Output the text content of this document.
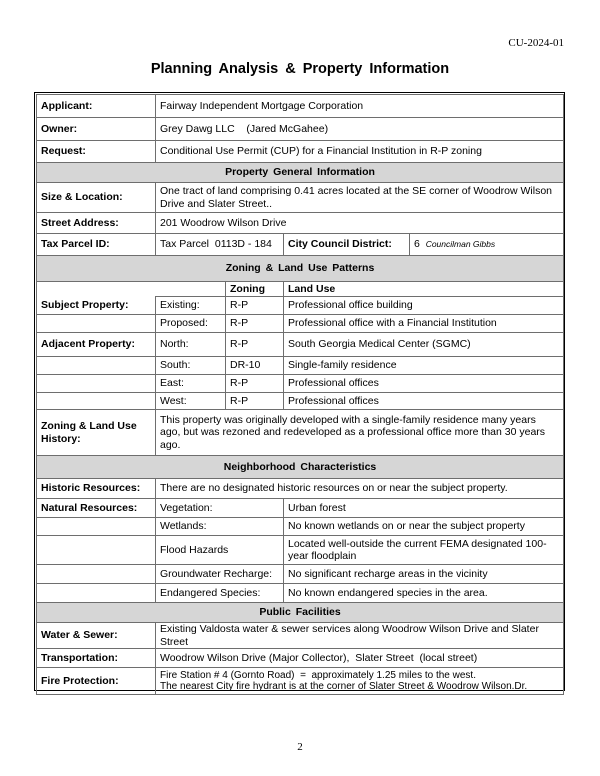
CU-2024-01
Planning Analysis & Property Information
Applicant:	Fairway Independent Mortgage Corporation			
Owner:	Grey Dawg LLC    (Jared McGahee)			
Request:	Conditional Use Permit (CUP) for a Financial Institution in R-P zoning			
Property General Information				
Size & Location:	One tract of land comprising 0.41 acres located at the SE corner of Woodrow Wilson Drive and Slater Street..			
Street Address:	201 Woodrow Wilson Drive			
Tax Parcel ID:	Tax Parcel  0113D - 184		City Council District:	6 Councilman Gibbs
Zoning & Land Use Patterns				
		Zoning	Land Use	
Subject Property:	Existing:	R-P	Professional office building	
	Proposed:	R-P	Professional office with a Financial Institution	
Adjacent Property:	North:	R-P	South Georgia Medical Center (SGMC)	
	South:	DR-10	Single-family residence	
	East:	R-P	Professional offices	
	West:	R-P	Professional offices	
Zoning & Land Use History:	This property was originally developed with a single-family residence many years ago, but was rezoned and redeveloped as a professional office more than 30 years ago.			
Neighborhood Characteristics				
Historic Resources:	There are no designated historic resources on or near the subject property.			
Natural Resources:	Vegetation:		Urban forest	
	Wetlands:		No known wetlands on or near the subject property	
	Flood Hazards		Located well-outside the current FEMA designated 100-year floodplain	
	Groundwater Recharge:		No significant recharge areas in the vicinity	
	Endangered Species:		No known endangered species in the area.	
Public Facilities				
Water & Sewer:	Existing Valdosta water & sewer services along Woodrow Wilson Drive and Slater Street			
Transportation:	Woodrow Wilson Drive (Major Collector),  Slater Street  (local street)			
Fire Protection:	Fire Station # 4 (Gornto Road)  =  approximately 1.25 miles to the west.
The nearest City fire hydrant is at the corner of Slater Street & Woodrow Wilson.Dr.			
2
